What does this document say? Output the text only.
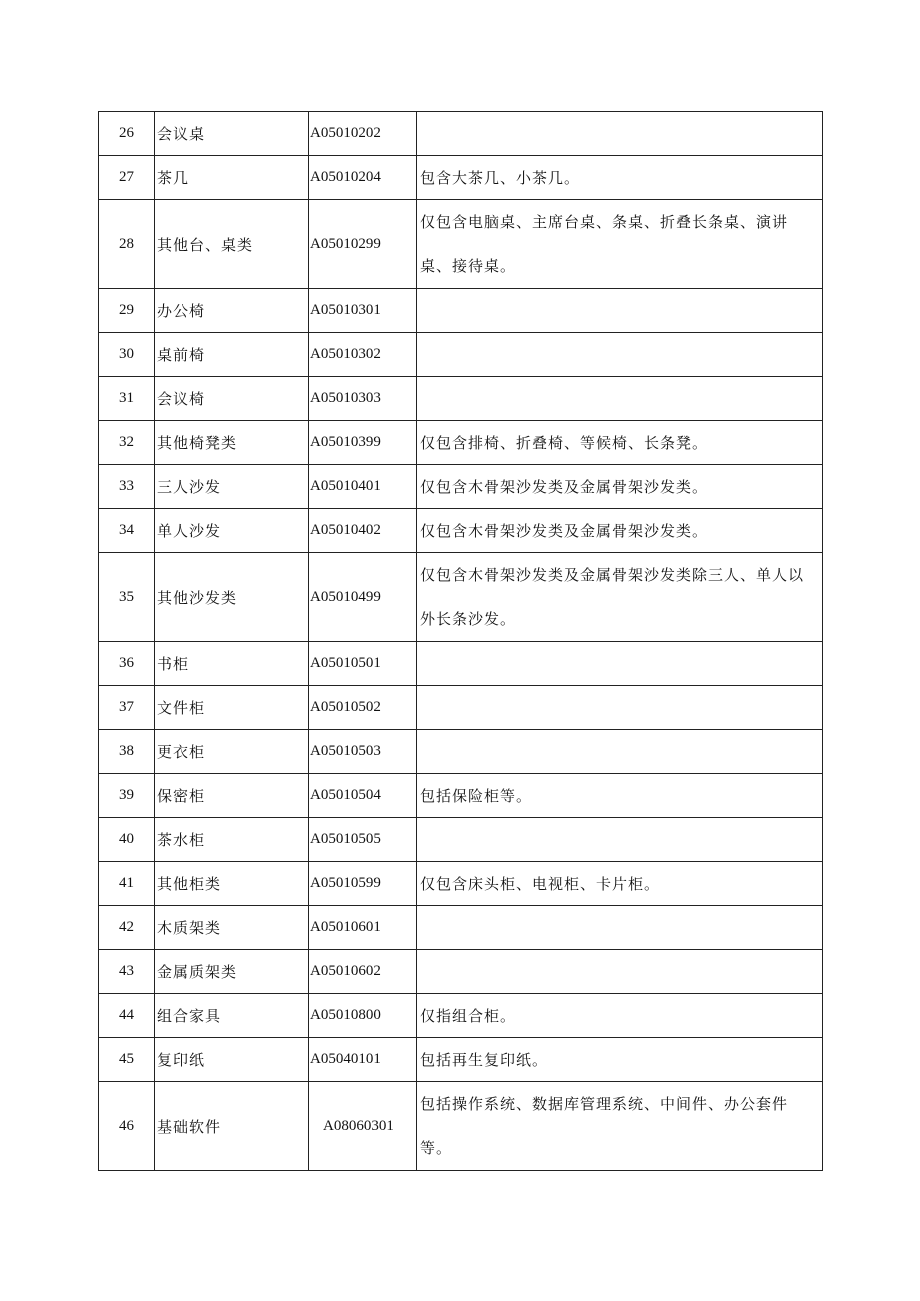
26	会议桌	A05010202	
27	茶几	A05010204	包含大茶几、小茶几。
28	其他台、桌类	A05010299	仅包含电脑桌、主席台桌、条桌、折叠长条桌、演讲桌、接待桌。
29	办公椅	A05010301	
30	桌前椅	A05010302	
31	会议椅	A05010303	
32	其他椅凳类	A05010399	仅包含排椅、折叠椅、等候椅、长条凳。
33	三人沙发	A05010401	仅包含木骨架沙发类及金属骨架沙发类。
34	单人沙发	A05010402	仅包含木骨架沙发类及金属骨架沙发类。
35	其他沙发类	A05010499	仅包含木骨架沙发类及金属骨架沙发类除三人、单人以外长条沙发。
36	书柜	A05010501	
37	文件柜	A05010502	
38	更衣柜	A05010503	
39	保密柜	A05010504	包括保险柜等。
40	茶水柜	A05010505	
41	其他柜类	A05010599	仅包含床头柜、电视柜、卡片柜。
42	木质架类	A05010601	
43	金属质架类	A05010602	
44	组合家具	A05010800	仅指组合柜。
45	复印纸	A05040101	包括再生复印纸。
46	基础软件	A08060301	包括操作系统、数据库管理系统、中间件、办公套件等。
